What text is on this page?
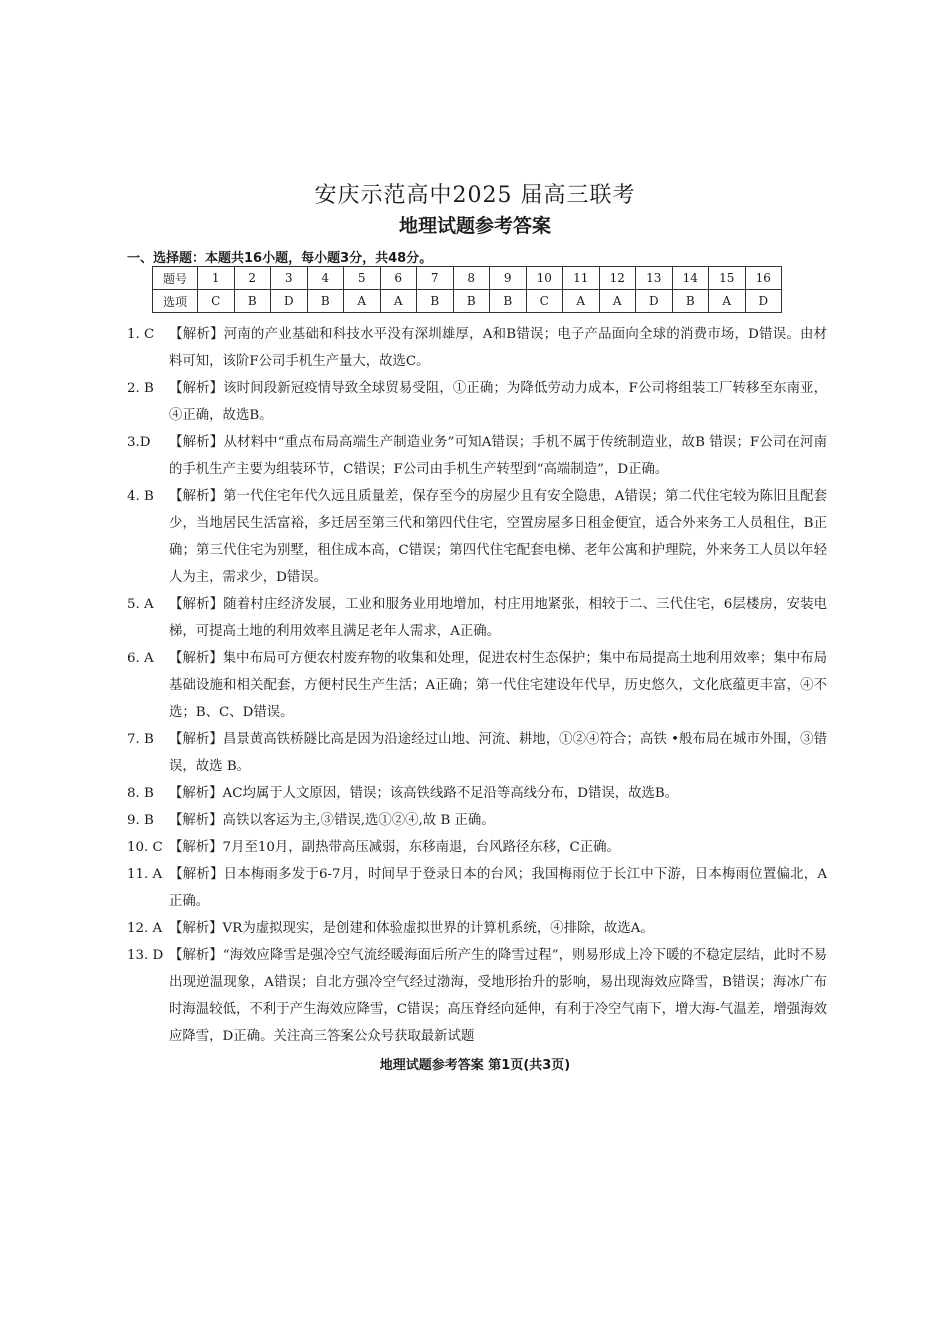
安庆示范高中2025 届高三联考
地理试题参考答案
一、选择题：本题共16小题，每小题3分，共48分。
题号	1	2	3	4	5	6	7	8	9	10	11	12	13	14	15	16
选项	C	B	D	B	A	A	B	B	B	C	A	A	D	B	A	D

1. C 【解析】河南的产业基础和科技水平没有深圳雄厚，A和B错误；电子产品面向全球的消费市场，D错误。由材料可知，该阶F公司手机生产量大，故选C。

2. B 【解析】该时间段新冠疫情导致全球贸易受阻，①正确；为降低劳动力成本，F公司将组装工厂转移至东南亚，④正确，故选B。

3.D 【解析】从材料中“重点布局高端生产制造业务”可知A错误；手机不属于传统制造业，故B 错误；F公司在河南的手机生产主要为组装环节，C错误；F公司由手机生产转型到“高端制造”，D正确。

4. B 【解析】第一代住宅年代久远且质量差，保存至今的房屋少且有安全隐患，A错误；第二代住宅较为陈旧且配套少，当地居民生活富裕，多迁居至第三代和第四代住宅，空置房屋多日租金便宜，适合外来务工人员租住，B正确；第三代住宅为别墅，租住成本高，C错误；第四代住宅配套电梯、老年公寓和护理院，外来务工人员以年轻人为主，需求少，D错误。

5. A 【解析】随着村庄经济发展，工业和服务业用地增加，村庄用地紧张，相较于二、三代住宅，6层楼房，安装电梯，可提高土地的利用效率且满足老年人需求，A正确。

6. A 【解析】集中布局可方便农村废弃物的收集和处理，促进农村生态保护；集中布局提高土地利用效率；集中布局基础设施和相关配套，方便村民生产生活；A正确；第一代住宅建设年代早，历史悠久，文化底蕴更丰富，④不选；B、C、D错误。

7. B 【解析】昌景黄高铁桥隧比高是因为沿途经过山地、河流、耕地，①②④符合；高铁 •般布局在城市外围，③错误，故选 B。

8. B 【解析】AC均属于人文原因，错误；该高铁线路不足沿等高线分布，D错误，故选B。

9. B 【解析】高铁以客运为主,③错误,选①②④,故 B 正确。

10. C 【解析】7月至10月，副热带高压减弱，东移南退，台风路径东移，C正确。

11. A 【解析】日本梅雨多发于6-7月，时间早于登录日本的台风；我国梅雨位于长江中下游，日本梅雨位置偏北，A正确。

12. A 【解析】VR为虚拟现实，是创建和体验虚拟世界的计算机系统，④排除，故选A。

13. D 【解析】“海效应降雪是强冷空气流经暖海面后所产生的降雪过程”，则易形成上冷下暖的不稳定层结，此时不易出现逆温现象，A错误；自北方强冷空气经过渤海，受地形抬升的影响，易出现海效应降雪，B错误；海冰广布时海温较低，不利于产生海效应降雪，C错误；高压脊经向延伸，有利于冷空气南下，增大海-气温差，增强海效应降雪，D正确。关注高三答案公众号获取最新试题

地理试题参考答案 第1页(共3页)
